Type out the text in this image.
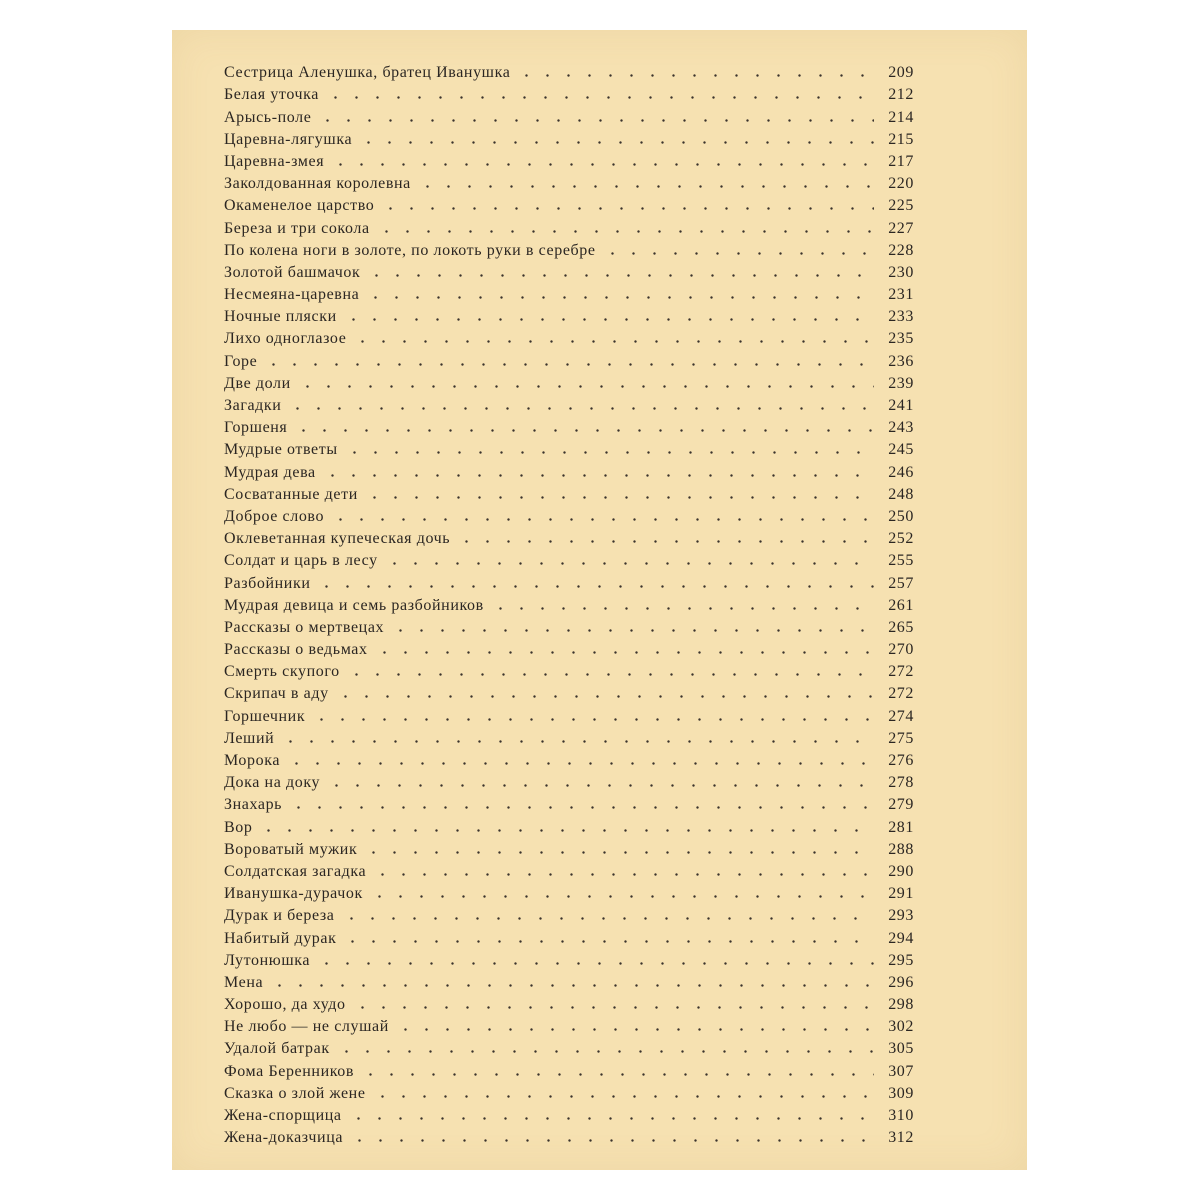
Сестрица Аленушка, братец Иванушка	209
Белая уточка	212
Арысь-поле	214
Царевна-лягушка	215
Царевна-змея	217
Заколдованная королевна	220
Окаменелое царство	225
Береза и три сокола	227
По колена ноги в золоте, по локоть руки в серебре	228
Золотой башмачок	230
Несмеяна-царевна	231
Ночные пляски	233
Лихо одноглазое	235
Горе	236
Две доли	239
Загадки	241
Горшеня	243
Мудрые ответы	245
Мудрая дева	246
Сосватанные дети	248
Доброе слово	250
Оклеветанная купеческая дочь	252
Солдат и царь в лесу	255
Разбойники	257
Мудрая девица и семь разбойников	261
Рассказы о мертвецах	265
Рассказы о ведьмах	270
Смерть скупого	272
Скрипач в аду	272
Горшечник	274
Леший	275
Морока	276
Дока на доку	278
Знахарь	279
Вор	281
Вороватый мужик	288
Солдатская загадка	290
Иванушка-дурачок	291
Дурак и береза	293
Набитый дурак	294
Лутонюшка	295
Мена	296
Хорошо, да худо	298
Не любо — не слушай	302
Удалой батрак	305
Фома Беренников	307
Сказка о злой жене	309
Жена-спорщица	310
Жена-доказчица	312
